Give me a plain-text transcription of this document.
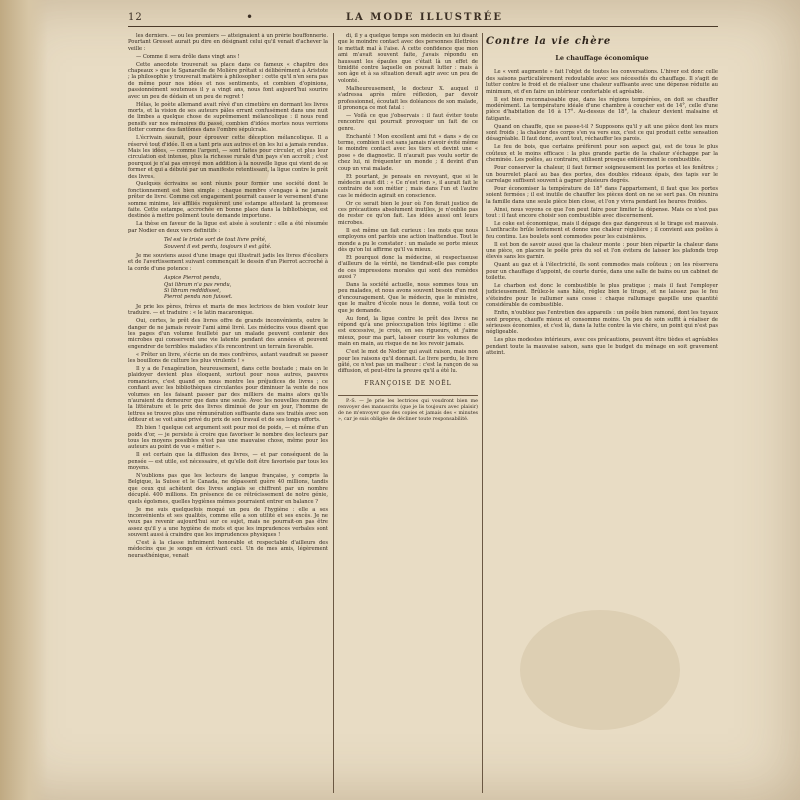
12	•	LA MODE ILLUSTRÉE

les derniers. — ou les premiers — atteignaient à un prérie bouffonnerie. Pourtant Gresset aurait pu dire en désignant celui qu'il venait d'achever la veille :

— Comme il sera drôle dans vingt ans !

Cette anecdote trouverait sa place dans ce fameux « chapitre des chapeaux » que le Sganarelle de Molière prêtait si délibérément à Aristote ; la philosophie y trouverait matière à philosopher : cette qu'il n'en sera pas de même pour nos idées et nos sentiments, et combien d'opinions, passionnément soutenues il y a vingt ans, nous font aujourd'hui sourire avec un peu de dédain et un peu de regret !

Hélas, le poète allemand avait rêvé d'un cimetière en dormant les livres morts, et la vision de ses auteurs pâles errant confusément dans une nuit de limbes a quelque chose de suprêmement mélancolique : il nous rend pensifs sur nos mémoires du passé, combien d'idées mortes nous verrions flotter comme des fantômes dans l'ombre sépulcrale.

L'écrivain saurait, pour éprouver cette déception mélancolique. Il a réservé tout d'idée. Il en a tant pris aux autres et on les lui a jamais rendus. Mais les idées, — comme l'argent, — sont faites pour circuler, et plus leur circulation est intense, plus la richesse rurale d'un pays s'en accroît ; c'est pourquoi je n'ai pas envoyé mon addition à la nouvelle ligue qui vient de se former et qui a débuté par un manifeste retentissant, la ligue contre le prêt des livres.

Quelques écrivains se sont réunis pour former une société dont le fonctionnement est bien simple : chaque membre s'engage à ne jamais prêter de livre. Comme cet engagement pourrait causer le versement d'une somme minime, les affiliés requièrent une estampe attestant la promesse faite. Cette estampe, accrochée en bonne place dans la bibliothèque, est destinée à mettre poliment toute demande importune.

La thèse en faveur de la ligue est aisée à soutenir : elle a été résumée par Nodier en deux vers definitifs :

Tel est le triste sort de tout livre prêté,
Souvent il est perdu, toujours il est gâté.

Je me souviens aussi d'une image qui illustrait jadis les livres d'écoliers et de l'avertissement suivant commençait le dessin d'un Pierrot accroché à la corde d'une potence :

Aspice Pierrot pendu,
Qui librum n'a pas rendu,
Si librum reddidisset,
Pierrot pendu non fuisset.

Je prie les pères, frères et maris de mes lectrices de bien vouloir leur traduire. — et traduire : « le latin macaronique.

Oui, certes, le prêt des livres offre de grands inconvénients, outre le danger de ne jamais revoir l'ami aimé livré. Les médecins vous disent que les pages d'un volume feuilleté par un malade peuvent contenir des microbes qui conservent une vie latente pendant des années et peuvent engendrer de terribles maladies s'ils rencontrent un terrain favorable.

« Prêter un livre, s'écrie un de mes confrères, autant vaudrait se passer les bouillons de culture les plus virulents ! »

Il y a de l'exagération, heureusement, dans cette boutade ; mais on le plaidoyer devient plus éloquent, surtout pour nous autres, pauvres romanciers, c'est quand on nous montre les préjudices de livres ; ce confiant avec les bibliothèques circulantes pour diminuer la vente de nos volumes en les faisant passer par des milliers de mains alors qu'ils n'auraient du demeurer que dans une seule. Avec les nouvelles mœurs de la littérature et le prix des livres diminué de jour en jour, l'homme de lettres se trouve plus une rémunération suffisante dans ses traités avec son éditeur et se voit ainsi privé du prix de son travail et de ses longs efforts.

Eh bien ! quelque cet argument soit pour moi de poids, — et même d'un poids d'or, — je persiste à croire que favoriser le nombre des lecteurs par tous les moyens possibles n'est pas une mauvaise chose, même pour les auteurs au point de vue « métier ».

Il est certain que la diffusion des livres, — et par conséquent de la pensée — est utile, est nécessaire, et qu'elle doit être favorisée par tous les moyens.

N'oublions pas que les lecteurs de langue française, y compris la Belgique, la Suisse et le Canada, ne dépassent guère 40 millions, tandis que ceux qui achètent des livres anglais se chiffrent par un nombre décuplé. 400 millions. En présence de ce rétrécissement de notre génie, quels égoïsmes, quelles hygiènes mêmes pourraient entrer en balance ?

Je me suis quelquefois moqué un peu de l'hygiène : elle a ses inconvénients et ses qualités, comme elle a son utilité et ses excès. Je ne veux pas revenir aujourd'hui sur ce sujet, mais ne pourrait-on pas être assez qu'il y a une hygiène de mots et que les imprudences verbales sont souvent aussi à craindre que les imprudences physiques !

C'est à la classe infiniment honorable et respectable d'ailleurs des médecins que je songe en écrivant ceci. Un de mes amis, légèrement neurasthénique, venait

di, il y a quelque temps son médecin en lui disant que le moindre contact avec des personnes illettrées le mettait mal à l'aise. À cette confidence que mon ami m'avait souvent faite, j'avais répondu en haussant les épaules que c'était là un effet de timidité contre laquelle on pouvait lutter : mais à son âge et à sa situation devait agir avec un peu de volonté.

Malheureusement, le docteur X. auquel il s'adressa après mûre réflexion, par devoir professionnel, écoutait les doléances de son malade, il prononça ce mot fatal :

— Voilà ce que j'observais : il faut éviter toute rencontre qui pourrait provoquer un fait de ce genre.

Enchanté ! Mon excellent ami fut « dans » de ce terme, combien il est sans jamais n'avoir évité même le moindre contact avec les tiers et devint une « pose » de diagnostic. Il n'aurait pas voulu sortir de chez lui, ni fréquenter un monde ; il devint d'un coup un vrai malade.

Et pourtant, je pensais en revoyant, que si le médecin avait dit : « Ce n'est rien », il aurait fait le contraire de son métier ; mais dans l'un et l'autre cas le médecin agirait en conscience.

Or ce serait bien le jour où l'on ferait justice de ces précautions absolument inutiles, je n'oublie pas de rester ce qu'on fait. Les idées aussi ont leurs microbes.

Il est même un fait curieux : les mots que nous employons ont parfois une action inattendue. Tout le monde a pu le constater : un malade se porte mieux dès qu'on lui affirme qu'il va mieux.

Et pourquoi donc la médecine, si respectueuse d'ailleurs de la vérité, ne tiendrait-elle pas compte de ces impressions morales qui sont des remèdes aussi ?

Dans la société actuelle, nous sommes tous un peu malades, et nous avons souvent besoin d'un mot d'encouragement. Que le médecin, que le ministre, que le maître d'école nous le donne, voilà tout ce que je demande.

Au fond, la ligue contre le prêt des livres ne répond qu'à une préoccupation très légitime : elle est excessive, je crois, en ses rigueurs, et j'aime mieux, pour ma part, laisser courir les volumes de main en main, au risque de ne les revoir jamais.

C'est le mot de Nodier qui avait raison, mais non pour les raisons qu'il donnait. Le livre perdu, le livre gâté, ce n'est pas un malheur : c'est la rançon de sa diffusion, et peut-être la preuve qu'il a été lu.

FRANÇOISE DE NOËL

P.-S. — Je prie les lectrices qui voudront bien me renvoyer des manuscrits (que je lis toujours avec plaisir) de ne m'envoyer que des copies et jamais des « minutes », car je suis obligée de décliner toute responsabilité.

Contre la vie chère

Le chauffage économique

Le « vent augmente » fait l'objet de toutes les conversations. L'hiver est donc celle des saisons particulièrement redoutable avec ses nécessités du chauffage. Il s'agit de lutter contre le froid et de réaliser une chaleur suffisante avec une dépense réduite au minimum, et d'en faire un intérieur confortable et agréable.

Il est bien reconnaissable que, dans les régions tempérées, on doit se chauffer modérément. La température idéale d'une chambre à coucher est de 14°, celle d'une pièce d'habitation de 16 à 17°. Au-dessus de 18°, la chaleur devient malsaine et fatigante.

Quand on chauffe, que se passe-t-il ? Supposons qu'il y ait une pièce dont les murs sont froids ; la chaleur des corps s'en va vers eux, c'est ce qui produit cette sensation désagréable. Il faut donc, avant tout, réchauffer les parois.

Le feu de bois, que certains préfèrent pour son aspect gai, est de tous le plus coûteux et le moins efficace : la plus grande partie de la chaleur s'échappe par la cheminée. Les poêles, au contraire, utilisent presque entièrement le combustible.

Pour conserver la chaleur, il faut fermer soigneusement les portes et les fenêtres ; un bourrelet placé au bas des portes, des doubles rideaux épais, des tapis sur le carrelage suffisent souvent à gagner plusieurs degrés.

Pour économiser la température de 18° dans l'appartement, il faut que les portes soient fermées ; il est inutile de chauffer les pièces dont on ne se sert pas. On réunira la famille dans une seule pièce bien close, et l'on y vivra pendant les heures froides.

Ainsi, nous voyons ce que l'on peut faire pour limiter la dépense. Mais ce n'est pas tout : il faut encore choisir son combustible avec discernement.

Le coke est économique, mais il dégage des gaz dangereux si le tirage est mauvais. L'anthracite brûle lentement et donne une chaleur régulière ; il convient aux poêles à feu continu. Les boulets sont commodes pour les cuisinières.

Il est bon de savoir aussi que la chaleur monte : pour bien répartir la chaleur dans une pièce, on placera le poêle près du sol et l'on évitera de laisser les plafonds trop élevés sans les garnir.

Quant au gaz et à l'électricité, ils sont commodes mais coûteux ; on les réservera pour un chauffage d'appoint, de courte durée, dans une salle de bains ou un cabinet de toilette.

Le charbon est donc le combustible le plus pratique ; mais il faut l'employer judicieusement. Brûlez-le sans hâte, réglez bien le tirage, et ne laissez pas le feu s'éteindre pour le rallumer sans cesse : chaque rallumage gaspille une quantité considérable de combustible.

Enfin, n'oubliez pas l'entretien des appareils : un poêle bien ramoné, dont les tuyaux sont propres, chauffe mieux et consomme moins. Un peu de soin suffit à réaliser de sérieuses économies, et c'est là, dans la lutte contre la vie chère, un point qui n'est pas négligeable.

Les plus modestes intérieurs, avec ces précautions, peuvent être tièdes et agréables pendant toute la mauvaise saison, sans que le budget du ménage en soit gravement atteint.
